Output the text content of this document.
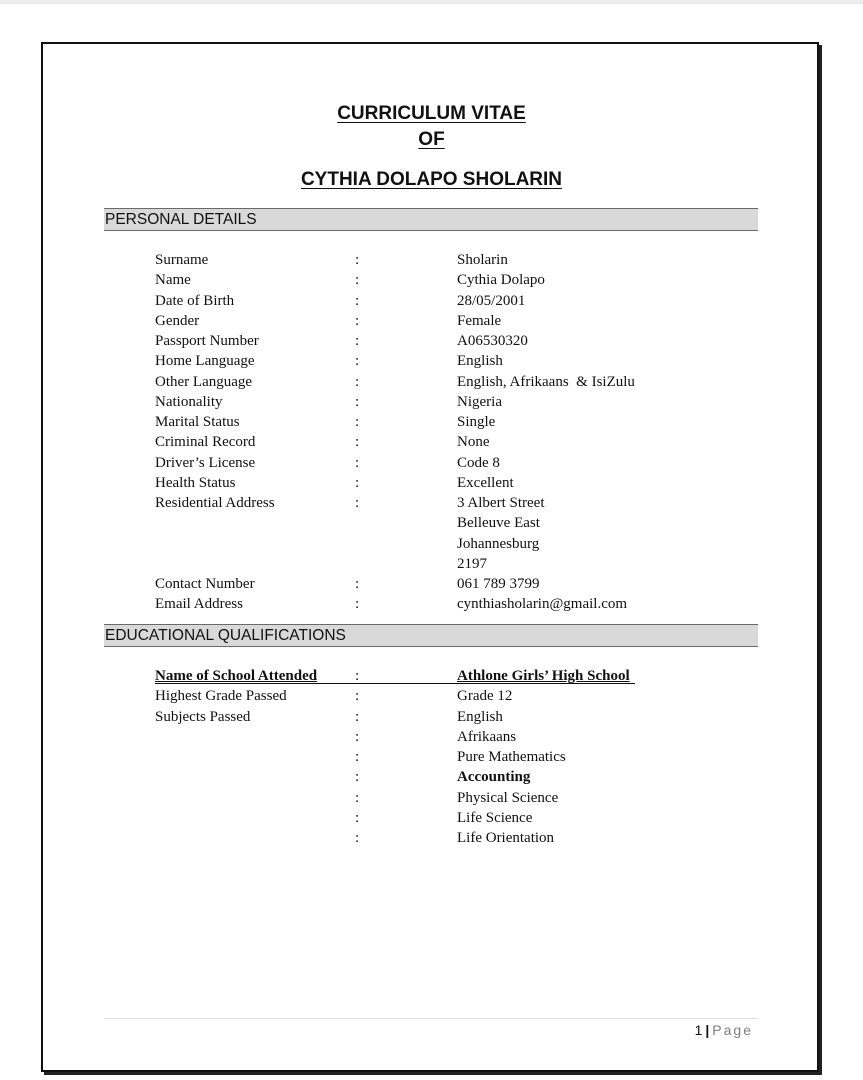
CURRICULUM VITAE
OF
CYTHIA DOLAPO SHOLARIN
PERSONAL DETAILS
Surname	:	Sholarin
Name	:	Cythia Dolapo
Date of Birth	:	28/05/2001
Gender	:	Female
Passport Number	:	A06530320
Home Language	:	English
Other Language	:	English, Afrikaans  & IsiZulu
Nationality	:	Nigeria
Marital Status	:	Single
Criminal Record	:	None
Driver’s License	:	Code 8
Health Status	:	Excellent
Residential Address	:	3 Albert Street
Belleuve East
Johannesburg
2197
Contact Number	:	061 789 3799
Email Address	:	cynthiasholarin@gmail.com
EDUCATIONAL QUALIFICATIONS
Name of School Attended	:	Athlone Girls’ High School
Highest Grade Passed	:	Grade 12
Subjects Passed	:	English
:	Afrikaans
:	Pure Mathematics
:	Accounting
:	Physical Science
:	Life Science
:	Life Orientation
1 | Page
